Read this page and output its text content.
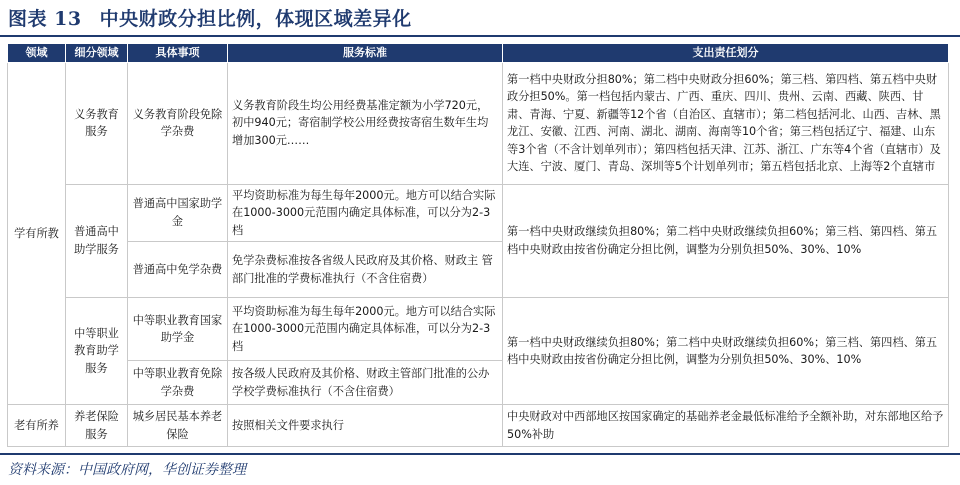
图表 13 中央财政分担比例，体现区域差异化
领域	细分领域	具体事项	服务标准	支出责任划分
学有所教	义务教育服务	义务教育阶段免除学杂费	义务教育阶段生均公用经费基准定额为小学720元，初中940元；寄宿制学校公用经费按寄宿生数年生均增加300元……	第一档中央财政分担80%；第二档中央财政分担60%；第三档、第四档、第五档中央财政分担50%。第一档包括内蒙古、广西、重庆、四川、贵州、云南、西藏、陕西、甘肃、青海、宁夏、新疆等12个省（自治区、直辖市）；第二档包括河北、山西、吉林、黑龙江、安徽、江西、河南、湖北、湖南、海南等10个省；第三档包括辽宁、福建、山东等3个省（不含计划单列市）；第四档包括天津、江苏、浙江、广东等4个省（直辖市）及大连、宁波、厦门、青岛、深圳等5个计划单列市；第五档包括北京、上海等2个直辖市
	普通高中助学服务	普通高中国家助学金	平均资助标准为每生每年2000元。地方可以结合实际在1000-3000元范围内确定具体标准，可以分为2-3档	第一档中央财政继续负担80%；第二档中央财政继续负担60%；第三档、第四档、第五档中央财政由按省份确定分担比例，调整为分别负担50%、30%、10%
		普通高中免学杂费	免学杂费标准按各省级人民政府及其价格、财政主 管部门批准的学费标准执行（不含住宿费）	
	中等职业教育助学服务	中等职业教育国家助学金	平均资助标准为每生每年2000元。地方可以结合实际在1000-3000元范围内确定具体标准，可以分为2-3档	第一档中央财政继续负担80%；第二档中央财政继续负担60%；第三档、第四档、第五档中央财政由按省份确定分担比例，调整为分别负担50%、30%、10%
		中等职业教育免除学杂费	按各级人民政府及其价格、财政主管部门批准的公办学校学费标准执行（不含住宿费）	
老有所养	养老保险服务	城乡居民基本养老保险	按照相关文件要求执行	中央财政对中西部地区按国家确定的基础养老金最低标准给予全额补助，对东部地区给予50%补助
资料来源：中国政府网，华创证券整理
